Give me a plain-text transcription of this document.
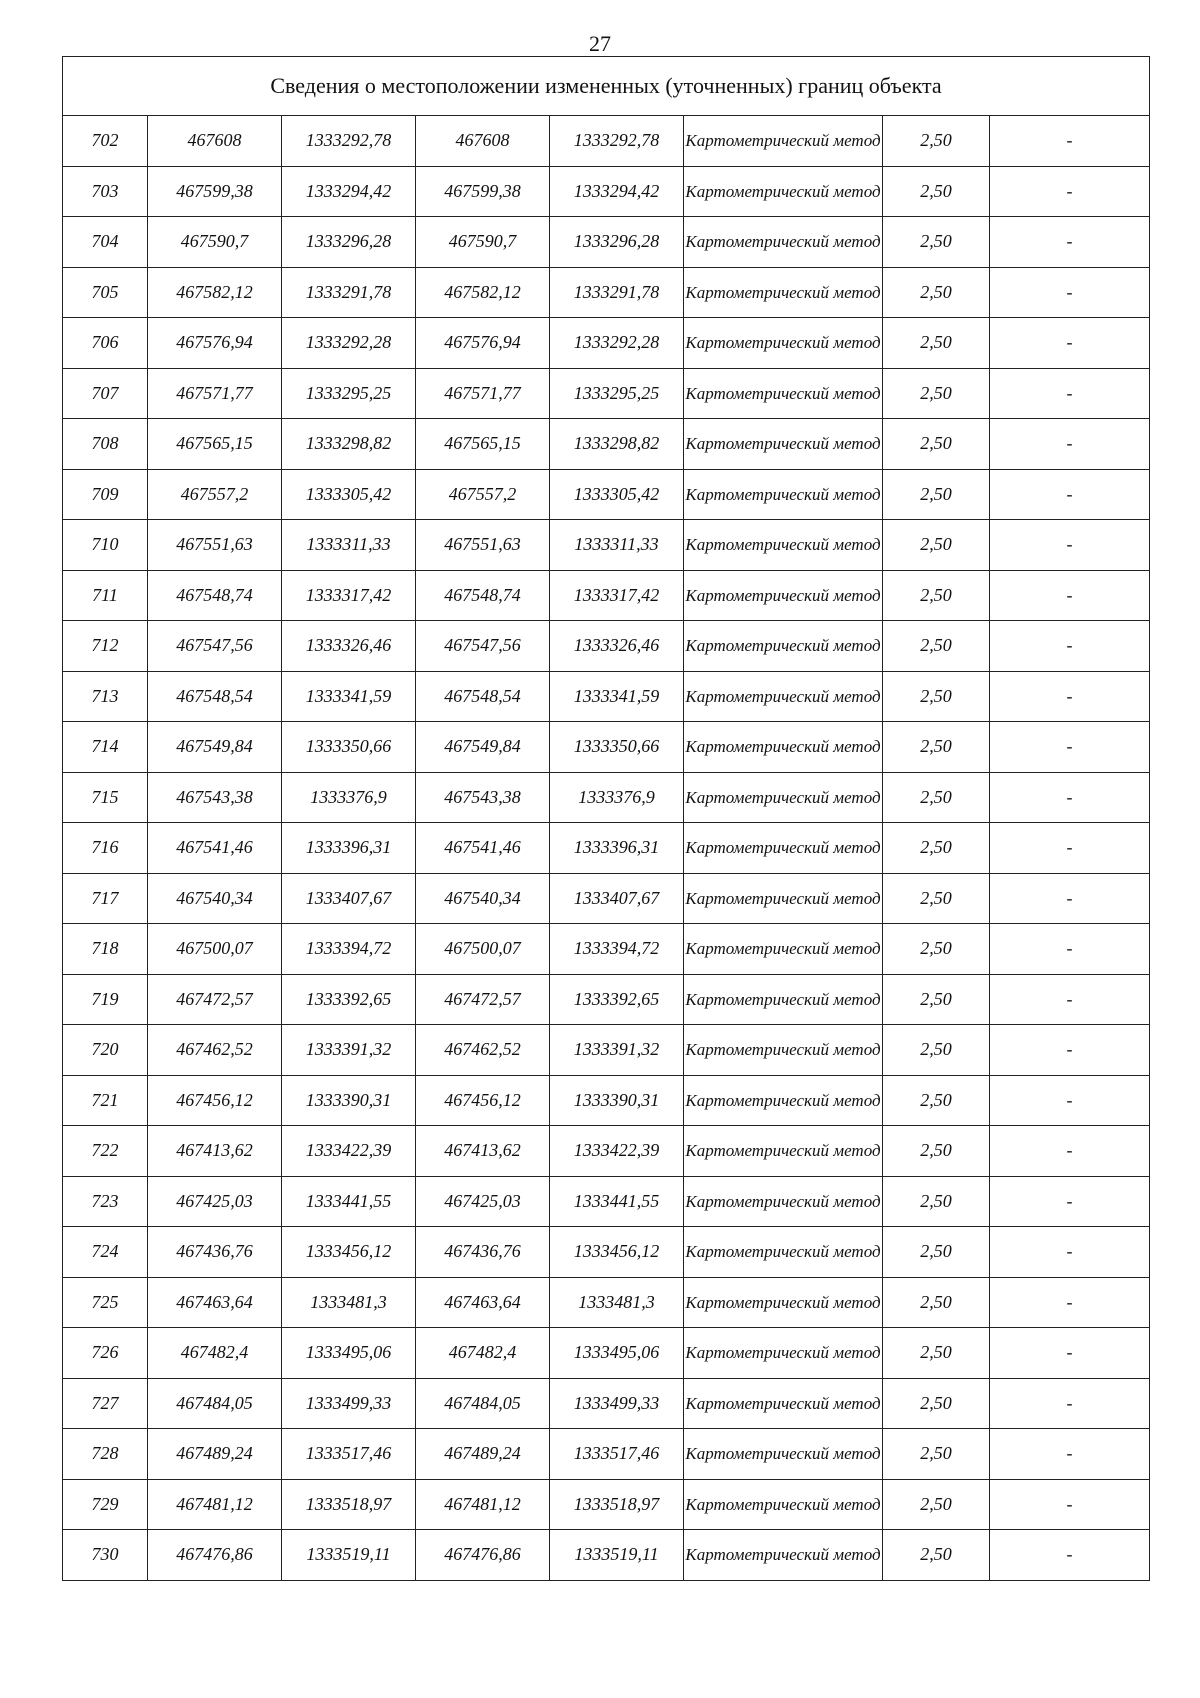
27
Сведения о местоположении измененных (уточненных) границ объекта							
702	467608	1333292,78	467608	1333292,78	Картометрический метод	2,50	-
703	467599,38	1333294,42	467599,38	1333294,42	Картометрический метод	2,50	-
704	467590,7	1333296,28	467590,7	1333296,28	Картометрический метод	2,50	-
705	467582,12	1333291,78	467582,12	1333291,78	Картометрический метод	2,50	-
706	467576,94	1333292,28	467576,94	1333292,28	Картометрический метод	2,50	-
707	467571,77	1333295,25	467571,77	1333295,25	Картометрический метод	2,50	-
708	467565,15	1333298,82	467565,15	1333298,82	Картометрический метод	2,50	-
709	467557,2	1333305,42	467557,2	1333305,42	Картометрический метод	2,50	-
710	467551,63	1333311,33	467551,63	1333311,33	Картометрический метод	2,50	-
711	467548,74	1333317,42	467548,74	1333317,42	Картометрический метод	2,50	-
712	467547,56	1333326,46	467547,56	1333326,46	Картометрический метод	2,50	-
713	467548,54	1333341,59	467548,54	1333341,59	Картометрический метод	2,50	-
714	467549,84	1333350,66	467549,84	1333350,66	Картометрический метод	2,50	-
715	467543,38	1333376,9	467543,38	1333376,9	Картометрический метод	2,50	-
716	467541,46	1333396,31	467541,46	1333396,31	Картометрический метод	2,50	-
717	467540,34	1333407,67	467540,34	1333407,67	Картометрический метод	2,50	-
718	467500,07	1333394,72	467500,07	1333394,72	Картометрический метод	2,50	-
719	467472,57	1333392,65	467472,57	1333392,65	Картометрический метод	2,50	-
720	467462,52	1333391,32	467462,52	1333391,32	Картометрический метод	2,50	-
721	467456,12	1333390,31	467456,12	1333390,31	Картометрический метод	2,50	-
722	467413,62	1333422,39	467413,62	1333422,39	Картометрический метод	2,50	-
723	467425,03	1333441,55	467425,03	1333441,55	Картометрический метод	2,50	-
724	467436,76	1333456,12	467436,76	1333456,12	Картометрический метод	2,50	-
725	467463,64	1333481,3	467463,64	1333481,3	Картометрический метод	2,50	-
726	467482,4	1333495,06	467482,4	1333495,06	Картометрический метод	2,50	-
727	467484,05	1333499,33	467484,05	1333499,33	Картометрический метод	2,50	-
728	467489,24	1333517,46	467489,24	1333517,46	Картометрический метод	2,50	-
729	467481,12	1333518,97	467481,12	1333518,97	Картометрический метод	2,50	-
730	467476,86	1333519,11	467476,86	1333519,11	Картометрический метод	2,50	-
